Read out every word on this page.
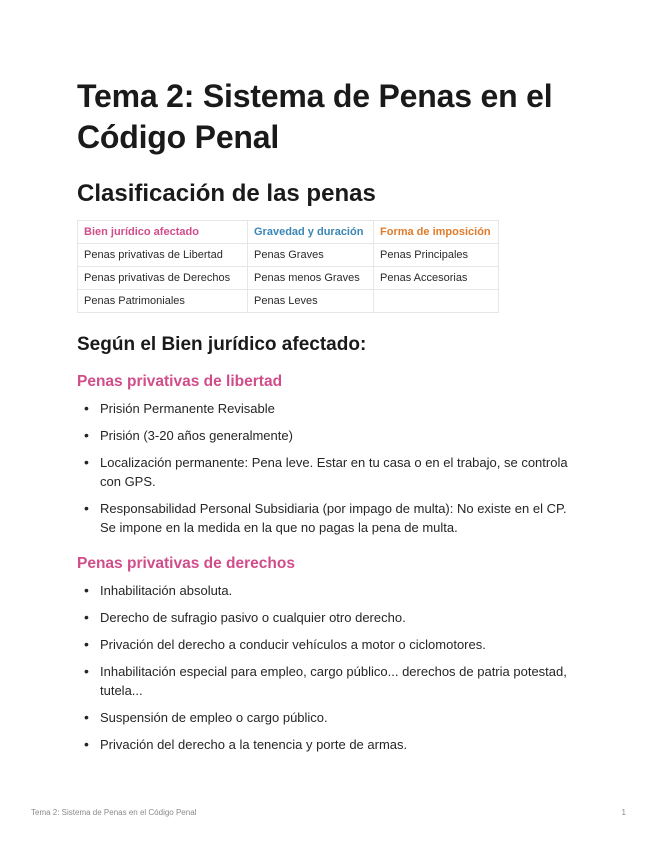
Tema 2: Sistema de Penas en el Código Penal
Clasificación de las penas
Bien jurídico afectado	Gravedad y duración	Forma de imposición
Penas privativas de Libertad	Penas Graves	Penas Principales
Penas privativas de Derechos	Penas menos Graves	Penas Accesorias
Penas Patrimoniales	Penas Leves	
Según el Bien jurídico afectado:
Penas privativas de libertad
• Prisión Permanente Revisable
• Prisión (3-20 años generalmente)
• Localización permanente: Pena leve. Estar en tu casa o en el trabajo, se controla con GPS.
• Responsabilidad Personal Subsidiaria (por impago de multa): No existe en el CP. Se impone en la medida en la que no pagas la pena de multa.
Penas privativas de derechos
• Inhabilitación absoluta.
• Derecho de sufragio pasivo o cualquier otro derecho.
• Privación del derecho a conducir vehículos a motor o ciclomotores.
• Inhabilitación especial para empleo, cargo público... derechos de patria potestad, tutela...
• Suspensión de empleo o cargo público.
• Privación del derecho a la tenencia y porte de armas.
Tema 2: Sistema de Penas en el Código Penal	1
